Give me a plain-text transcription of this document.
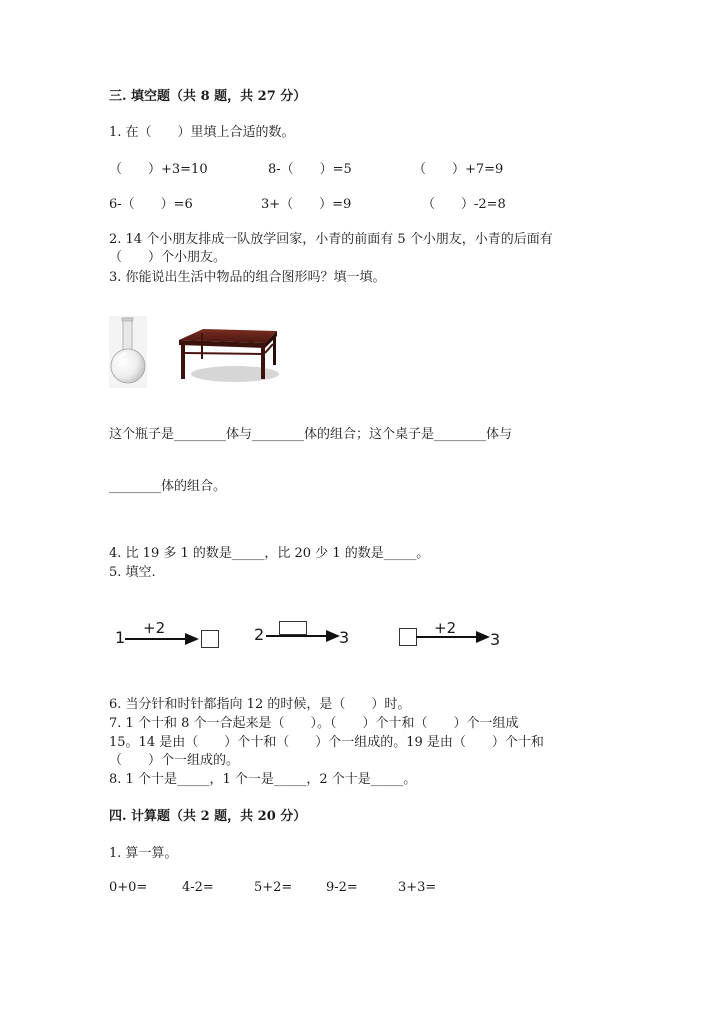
三. 填空题（共 8 题，共 27 分）
1. 在（　　）里填上合适的数。
（　　）+3=10	8-（　　）=5	（　　）+7=9
6-（　　）=6	3+（　　）=9	（　　）-2=8
2. 14 个小朋友排成一队放学回家，小青的前面有 5 个小朋友，小青的后面有
（　　）个小朋友。
3. 你能说出生活中物品的组合图形吗？填一填。
这个瓶子是________体与________体的组合；这个桌子是________体与
________体的组合。
4. 比 19 多 1 的数是_____，比 20 少 1 的数是_____。
5. 填空.
1 +2	2	3	+2
3
6. 当分针和时针都指向 12 的时候，是（　　）时。
7. 1 个十和 8 个一合起来是（　　）。（　　）个十和（　　）个一组成
15。14 是由（　　）个十和（　　）个一组成的。19 是由（　　）个十和
（　　）个一组成的。
8. 1 个十是_____，1 个一是_____，2 个十是_____。
四. 计算题（共 2 题，共 20 分）
1. 算一算。
0+0=	4-2=	5+2=	9-2=	3+3=
